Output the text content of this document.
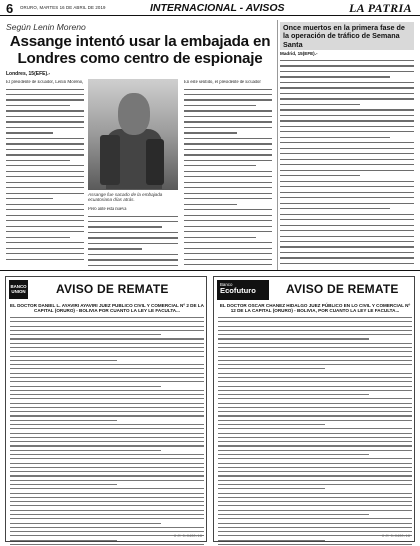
6 ORURO, MARTES 16 DE ABRIL DE 2019	INTERNACIONAL - AVISOS	LA PATRIA
Según Lenin Moreno
Assange intentó usar la embajada en Londres como centro de espionaje
Londres, 15(EFE).-
El presidente de Ecuador, Lenín Moreno,
Assange fue sacado de la embajada ecuatoriana días atrás.
Pero ante esta nueva
En este sentido, el presidente de Ecuador
Once muertos en la primera fase de la operación de tráfico de Semana Santa
Madrid, 15(EFE).-
BANCO UNION	AVISO DE REMATE
EL DOCTOR DANIEL L. AYAVIRI AYAVIRI JUEZ PUBLICO CIVIL Y COMERCIAL Nº 2 DE LA CAPITAL (ORURO) - BOLIVIA POR CUANTO LA LEY LE FACULTA...
O.M 0-0400-19
Banco
Ecofuturo	AVISO DE REMATE
EL DOCTOR OSCAR CHANEZ HIDALGO JUEZ PÚBLICO EN LO CIVIL Y COMERCIAL Nº 12 DE LA CAPITAL (ORURO) - BOLIVIA, POR CUANTO LA LEY LE FACULTA...
O.M 0-0400-19
